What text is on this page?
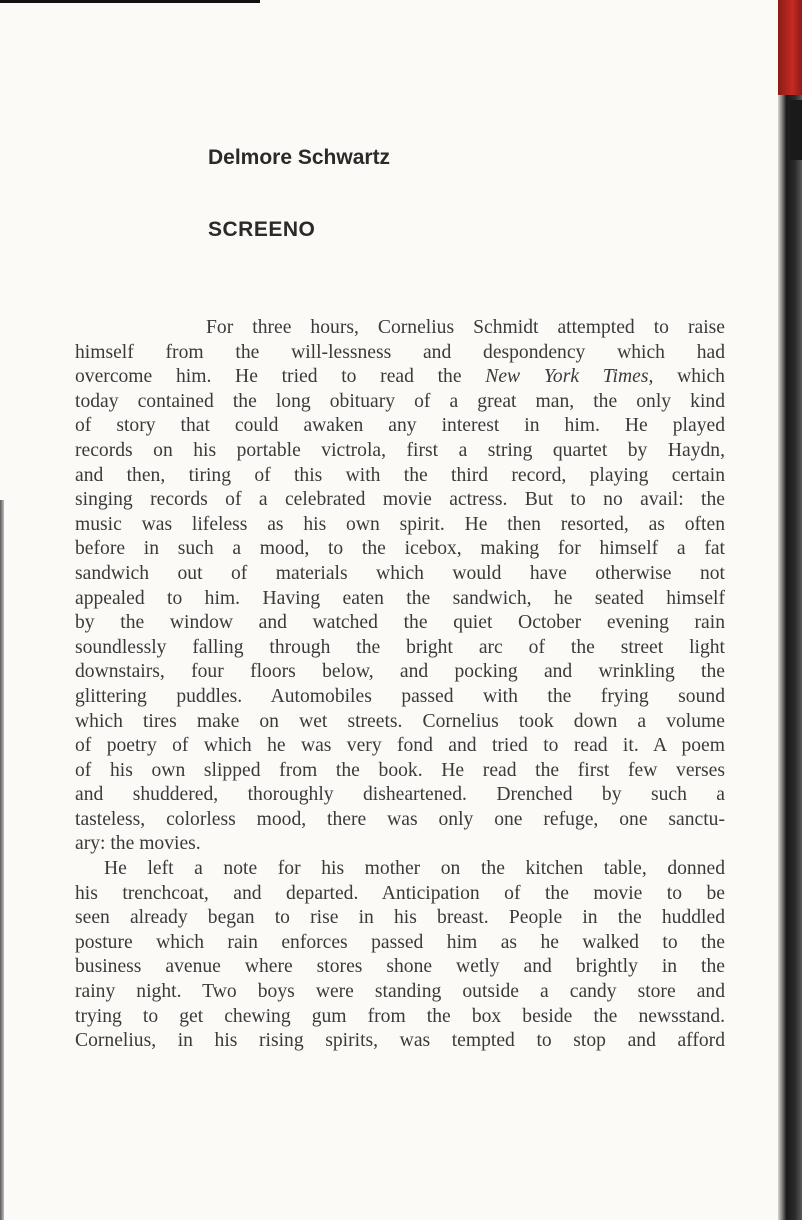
Delmore Schwartz
SCREENO
For three hours, Cornelius Schmidt attempted to raise
himself from the will-lessness and despondency which had
overcome him. He tried to read the New York Times, which
today contained the long obituary of a great man, the only kind
of story that could awaken any interest in him. He played
records on his portable victrola, first a string quartet by Haydn,
and then, tiring of this with the third record, playing certain
singing records of a celebrated movie actress. But to no avail: the
music was lifeless as his own spirit. He then resorted, as often
before in such a mood, to the icebox, making for himself a fat
sandwich out of materials which would have otherwise not
appealed to him. Having eaten the sandwich, he seated himself
by the window and watched the quiet October evening rain
soundlessly falling through the bright arc of the street light
downstairs, four floors below, and pocking and wrinkling the
glittering puddles. Automobiles passed with the frying sound
which tires make on wet streets. Cornelius took down a volume
of poetry of which he was very fond and tried to read it. A poem
of his own slipped from the book. He read the first few verses
and shuddered, thoroughly disheartened. Drenched by such a
tasteless, colorless mood, there was only one refuge, one sanctu-
ary: the movies.
He left a note for his mother on the kitchen table, donned
his trenchcoat, and departed. Anticipation of the movie to be
seen already began to rise in his breast. People in the huddled
posture which rain enforces passed him as he walked to the
business avenue where stores shone wetly and brightly in the
rainy night. Two boys were standing outside a candy store and
trying to get chewing gum from the box beside the newsstand.
Cornelius, in his rising spirits, was tempted to stop and afford
